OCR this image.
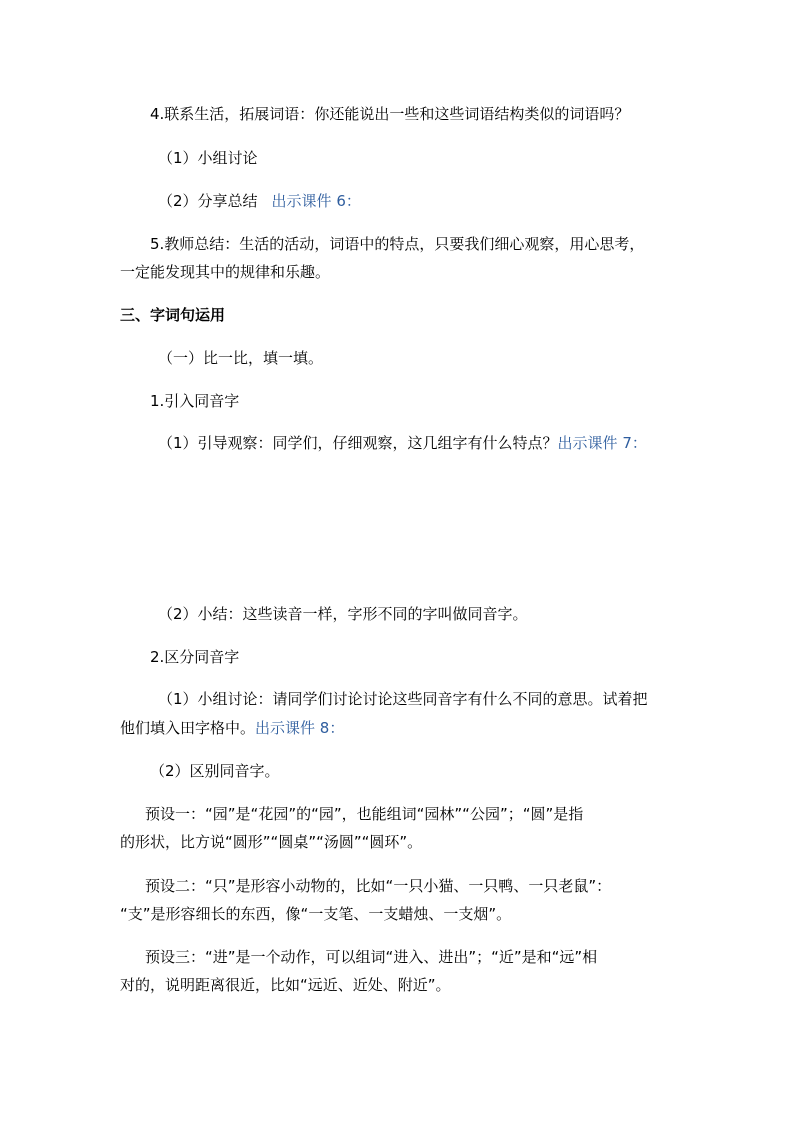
4.联系生活，拓展词语：你还能说出一些和这些词语结构类似的词语吗？
（1）小组讨论
（2）分享总结 出示课件 6：
5.教师总结：生活的活动，词语中的特点，只要我们细心观察，用心思考，
一定能发现其中的规律和乐趣。
三、字词句运用
（一）比一比，填一填。
1.引入同音字
（1）引导观察：同学们，仔细观察，这几组字有什么特点？出示课件 7：
（2）小结：这些读音一样，字形不同的字叫做同音字。
2.区分同音字
（1）小组讨论：请同学们讨论讨论这些同音字有什么不同的意思。试着把
他们填入田字格中。出示课件 8：
（2）区别同音字。
预设一：“园”是“花园”的“园”，也能组词“园林”“公园”；“圆”是指
的形状，比方说“圆形”“圆桌”“汤圆”“圆环”。
预设二：“只”是形容小动物的，比如“一只小猫、一只鸭、一只老鼠”：
“支”是形容细长的东西，像“一支笔、一支蜡烛、一支烟”。
预设三：“进”是一个动作，可以组词“进入、进出”；“近”是和“远”相
对的，说明距离很近，比如“远近、近处、附近”。
